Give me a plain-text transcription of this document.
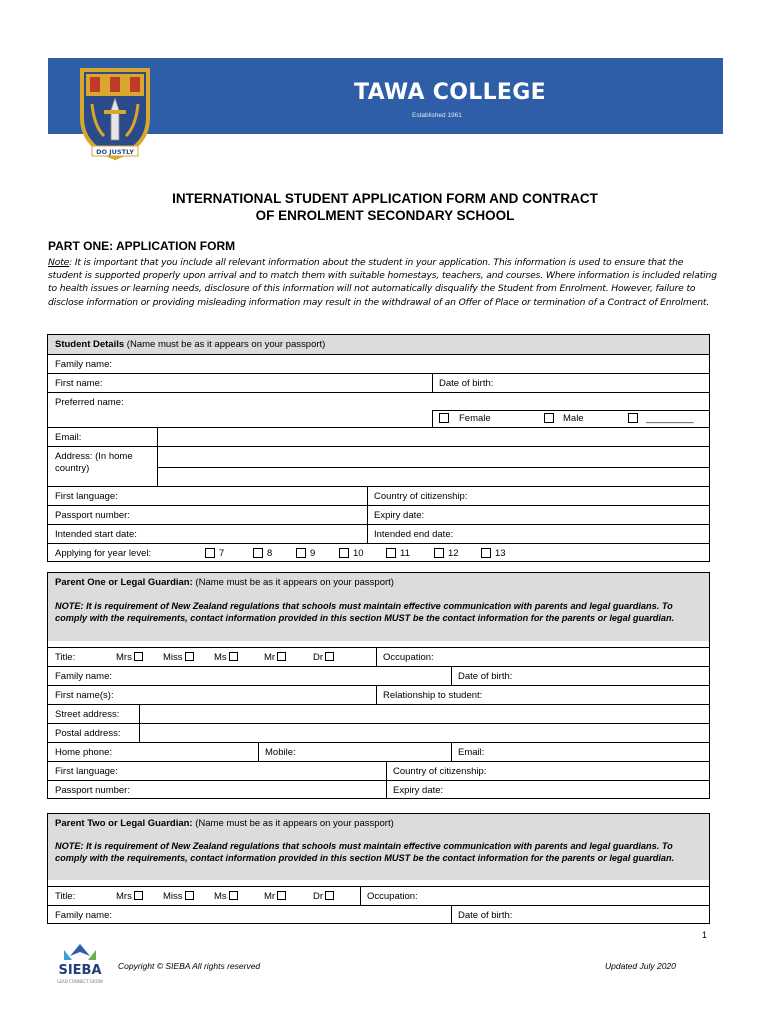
TAWA COLLEGE
Established 1961
DO JUSTLY
INTERNATIONAL STUDENT APPLICATION FORM AND CONTRACT
OF ENROLMENT SECONDARY SCHOOL
PART ONE: APPLICATION FORM
Note: It is important that you include all relevant information about the student in your application. This information is used to ensure that the student is supported properly upon arrival and to match them with suitable homestays, teachers, and courses. Where information is included relating to health issues or learning needs, disclosure of this information will not automatically disqualify the Student from Enrolment. However, failure to disclose information or providing misleading information may result in the withdrawal of an Offer of Place or termination of a Contract of Enrolment.
Student Details (Name must be as it appears on your passport)
Family name:
First name:	Date of birth:
Preferred name:
Female	Male	_________
Email:
Address: (In home country)
First language:	Country of citizenship:
Passport number:	Expiry date:
Intended start date:	Intended end date:
Applying for year level:	7	8	9	10	11	12	13
Parent One or Legal Guardian: (Name must be as it appears on your passport)
NOTE: It is requirement of New Zealand regulations that schools must maintain effective communication with parents and legal guardians. To comply with the requirements, contact information provided in this section MUST be the contact information for the parents or legal guardian.
Title:	Mrs	Miss	Ms	Mr	Dr	Occupation:
Family name:	Date of birth:
First name(s):	Relationship to student:
Street address:
Postal address:
Home phone:	Mobile:	Email:
First language:	Country of citizenship:
Passport number:	Expiry date:
Parent Two or Legal Guardian: (Name must be as it appears on your passport)
NOTE: It is requirement of New Zealand regulations that schools must maintain effective communication with parents and legal guardians. To comply with the requirements, contact information provided in this section MUST be the contact information for the parents or legal guardian.
Title:	Mrs	Miss	Ms	Mr	Dr	Occupation:
Family name:	Date of birth:
1
SIEBA
LEAD CONNECT GROW
Copyright © SIEBA All rights reserved	Updated July 2020
